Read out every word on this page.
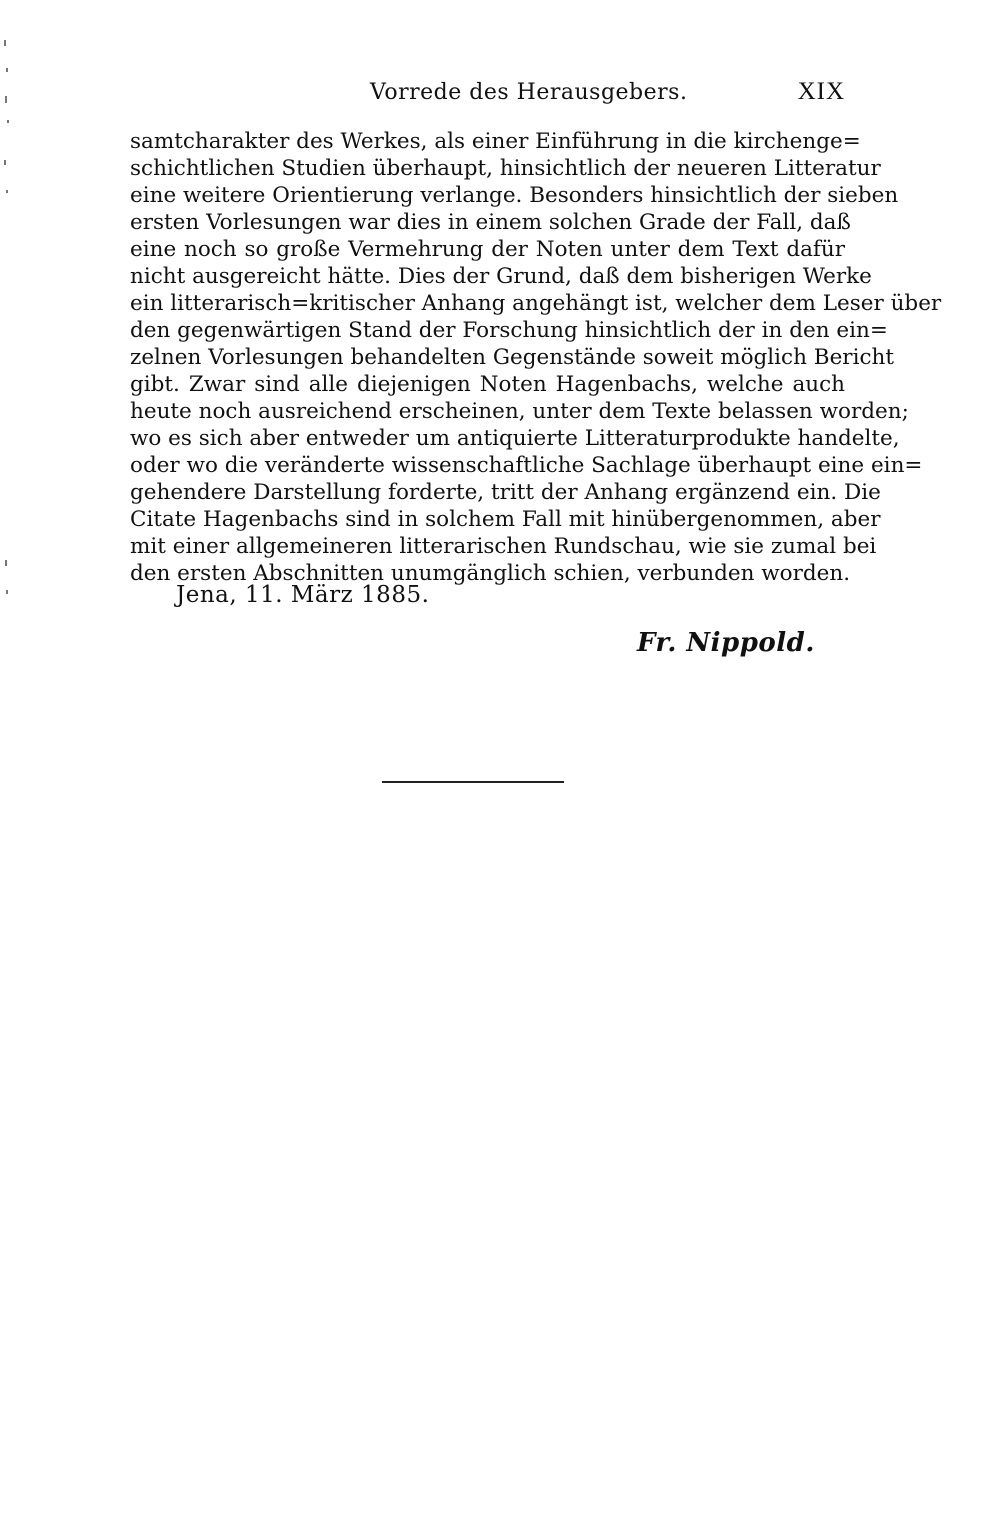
Vorrede des Herausgebers.	XIX
samtcharakter des Werkes, als einer Einführung in die kirchenge=
schichtlichen Studien überhaupt, hinsichtlich der neueren Litteratur
eine weitere Orientierung verlange. Besonders hinsichtlich der sieben
ersten Vorlesungen war dies in einem solchen Grade der Fall, daß
eine noch so große Vermehrung der Noten unter dem Text dafür
nicht ausgereicht hätte. Dies der Grund, daß dem bisherigen Werke
ein litterarisch=kritischer Anhang angehängt ist, welcher dem Leser über
den gegenwärtigen Stand der Forschung hinsichtlich der in den ein=
zelnen Vorlesungen behandelten Gegenstände soweit möglich Bericht
gibt. Zwar sind alle diejenigen Noten Hagenbachs, welche auch
heute noch ausreichend erscheinen, unter dem Texte belassen worden;
wo es sich aber entweder um antiquierte Litteraturprodukte handelte,
oder wo die veränderte wissenschaftliche Sachlage überhaupt eine ein=
gehendere Darstellung forderte, tritt der Anhang ergänzend ein. Die
Citate Hagenbachs sind in solchem Fall mit hinübergenommen, aber
mit einer allgemeineren litterarischen Rundschau, wie sie zumal bei
den ersten Abschnitten unumgänglich schien, verbunden worden.
Jena, 11. März 1885.
Fr. Nippold.
